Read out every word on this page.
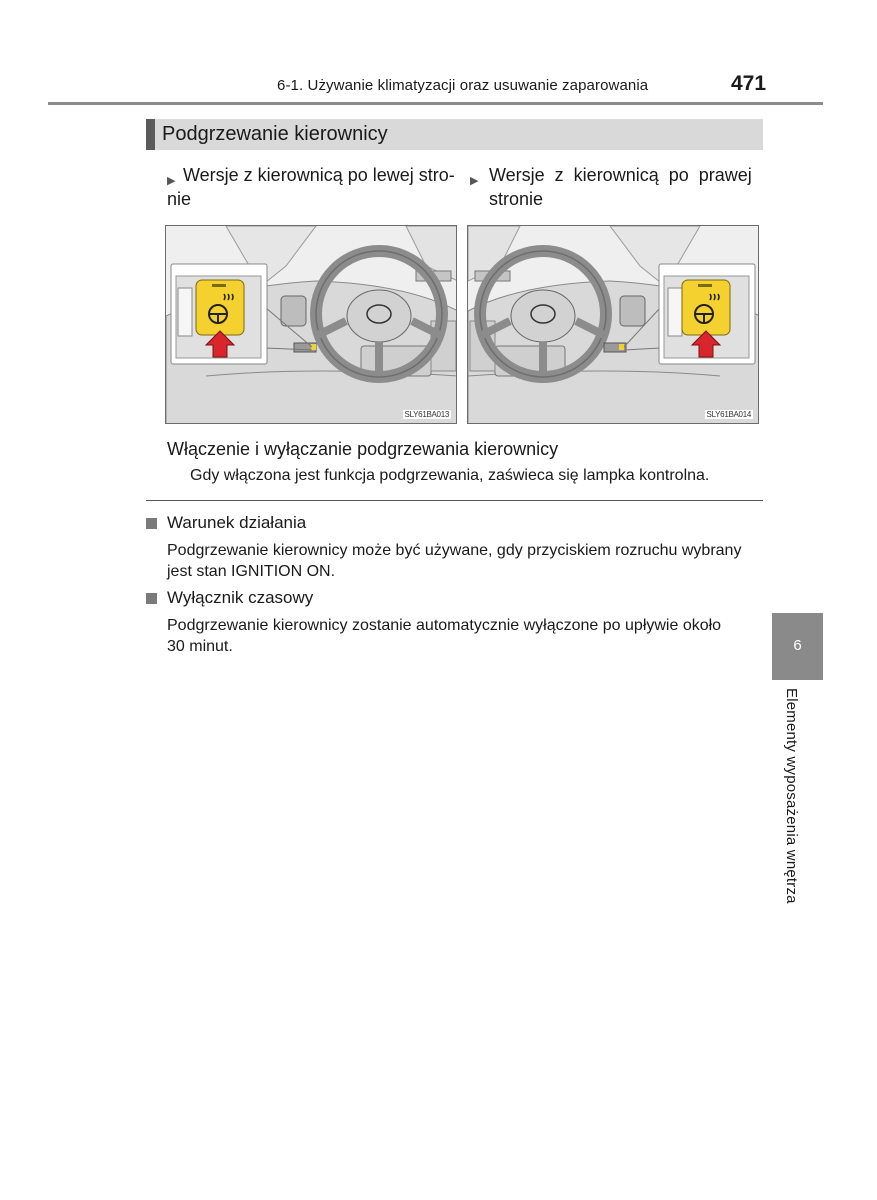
6-1. Używanie klimatyzacji oraz usuwanie zaparowania	471
Podgrzewanie kierownicy
▶ Wersje z kierownicą po lewej stro-
nie
▶ Wersje  z  kierownicą  po  prawej
stronie
SLY61BA013	SLY61BA014
Włączenie i wyłączanie podgrzewania kierownicy
Gdy włączona jest funkcja podgrzewania, zaświeca się lampka kontrolna.
Warunek działania
Podgrzewanie kierownicy może być używane, gdy przyciskiem rozruchu wybrany
jest stan IGNITION ON.
Wyłącznik czasowy
Podgrzewanie kierownicy zostanie automatycznie wyłączone po upływie około
30 minut.	6
Elementy wyposażenia wnętrza
